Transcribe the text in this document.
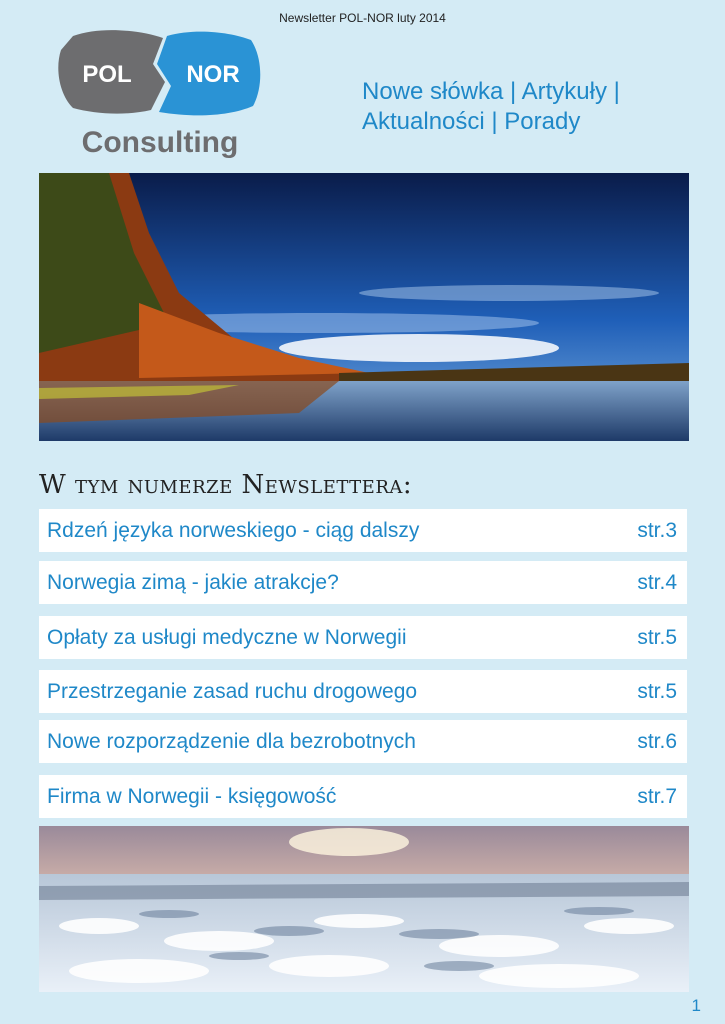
Newsletter POL-NOR luty 2014
POL NOR
Consulting
Nowe słówka | Artykuły |
Aktualności | Porady
W tym numerze Newslettera:
Rdzeń języka norweskiego - ciąg dalszy	str.3
Norwegia zimą - jakie atrakcje?	str.4
Opłaty za usługi medyczne w Norwegii	str.5
Przestrzeganie zasad ruchu drogowego	str.5
Nowe rozporządzenie dla bezrobotnych	str.6
Firma w Norwegii - księgowość	str.7
1
